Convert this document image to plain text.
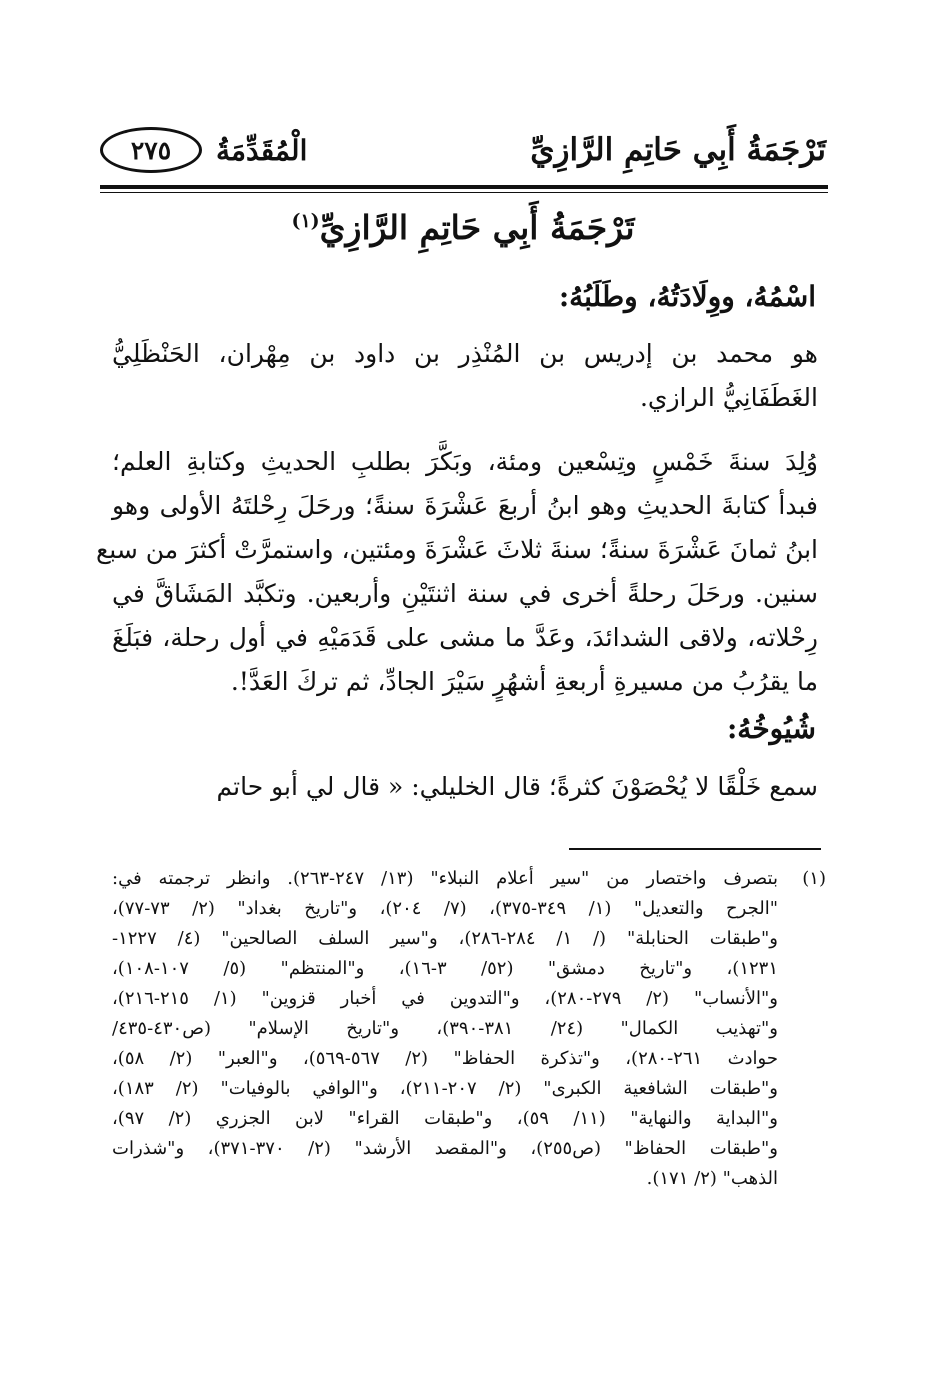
تَرْجَمَةُ أَبِي حَاتِمِ الرَّازِيِّ
الْمُقَدِّمَةُ
٢٧٥
تَرْجَمَةُ أَبِي حَاتِمِ الرَّازِيِّ$^{(١)}$
اسْمُهُ، ووِلَادَتُهُ، وطَلَبُهُ:
هو محمد بن إدريس بن المُنْذِر بن داود بن مِهْران، الحَنْظَلِيُّ
الغَطَفَانِيُّ الرازي.
وُلِدَ سنةَ خَمْسٍ وتِسْعين ومئة، وبَكَّرَ بطلبِ الحديثِ وكتابةِ العلم؛
فبدأ كتابةَ الحديثِ وهو ابنُ أربعَ عَشْرَةَ سنةً؛ ورحَلَ رِحْلتَهُ الأولى وهو
ابنُ ثمانَ عَشْرَةَ سنةً؛ سنةَ ثلاثَ عَشْرَةَ ومئتين، واستمرَّتْ أكثرَ من سبع
سنين. ورحَلَ رحلةً أخرى في سنة اثنتَيْنِ وأربعين. وتكبَّد المَشَاقَّ في
رِحْلاته، ولاقى الشدائدَ، وعَدَّ ما مشى على قَدَمَيْهِ في أول رحلة، فبَلَغَ
ما يقرُبُ من مسيرةِ أربعةِ أشهُرٍ سَيْرَ الجادِّ، ثم تركَ العَدَّ!.
شُيُوخُهُ:
سمع خَلْقًا لا يُحْصَوْنَ كثرةً؛ قال الخليلي: « قال لي أبو حاتم
(١)
بتصرف واختصار من "سير أعلام النبلاء" (١٣/ ٢٤٧-٢٦٣). وانظر ترجمته في:
"الجرح والتعديل" (١/ ٣٤٩-٣٧٥)، (٧/ ٢٠٤)، و"تاريخ بغداد" (٢/ ٧٣-٧٧)،
و"طبقات الحنابلة" (/ ١/ ٢٨٤-٢٨٦)، و"سير السلف الصالحين" (٤/ ١٢٢٧-
١٢٣١)، و"تاريخ دمشق" (٥٢/ ٣-١٦)، و"المنتظم" (٥/ ١٠٧-١٠٨)،
و"الأنساب" (٢/ ٢٧٩-٢٨٠)، و"التدوين في أخبار قزوين" (١/ ٢١٥-٢١٦)،
و"تهذيب الكمال" (٢٤/ ٣٨١-٣٩٠)، و"تاريخ الإسلام" (ص٤٣٠-٤٣٥/
حوادث ٢٦١-٢٨٠)، و"تذكرة الحفاظ" (٢/ ٥٦٧-٥٦٩)، و"العبر" (٢/ ٥٨)،
و"طبقات الشافعية الكبرى" (٢/ ٢٠٧-٢١١)، و"الوافي بالوفيات" (٢/ ١٨٣)،
و"البداية والنهاية" (١١/ ٥٩)، و"طبقات القراء" لابن الجزري (٢/ ٩٧)،
و"طبقات الحفاظ" (ص٢٥٥)، و"المقصد الأرشد" (٢/ ٣٧٠-٣٧١)، و"شذرات
الذهب" (٢/ ١٧١).
